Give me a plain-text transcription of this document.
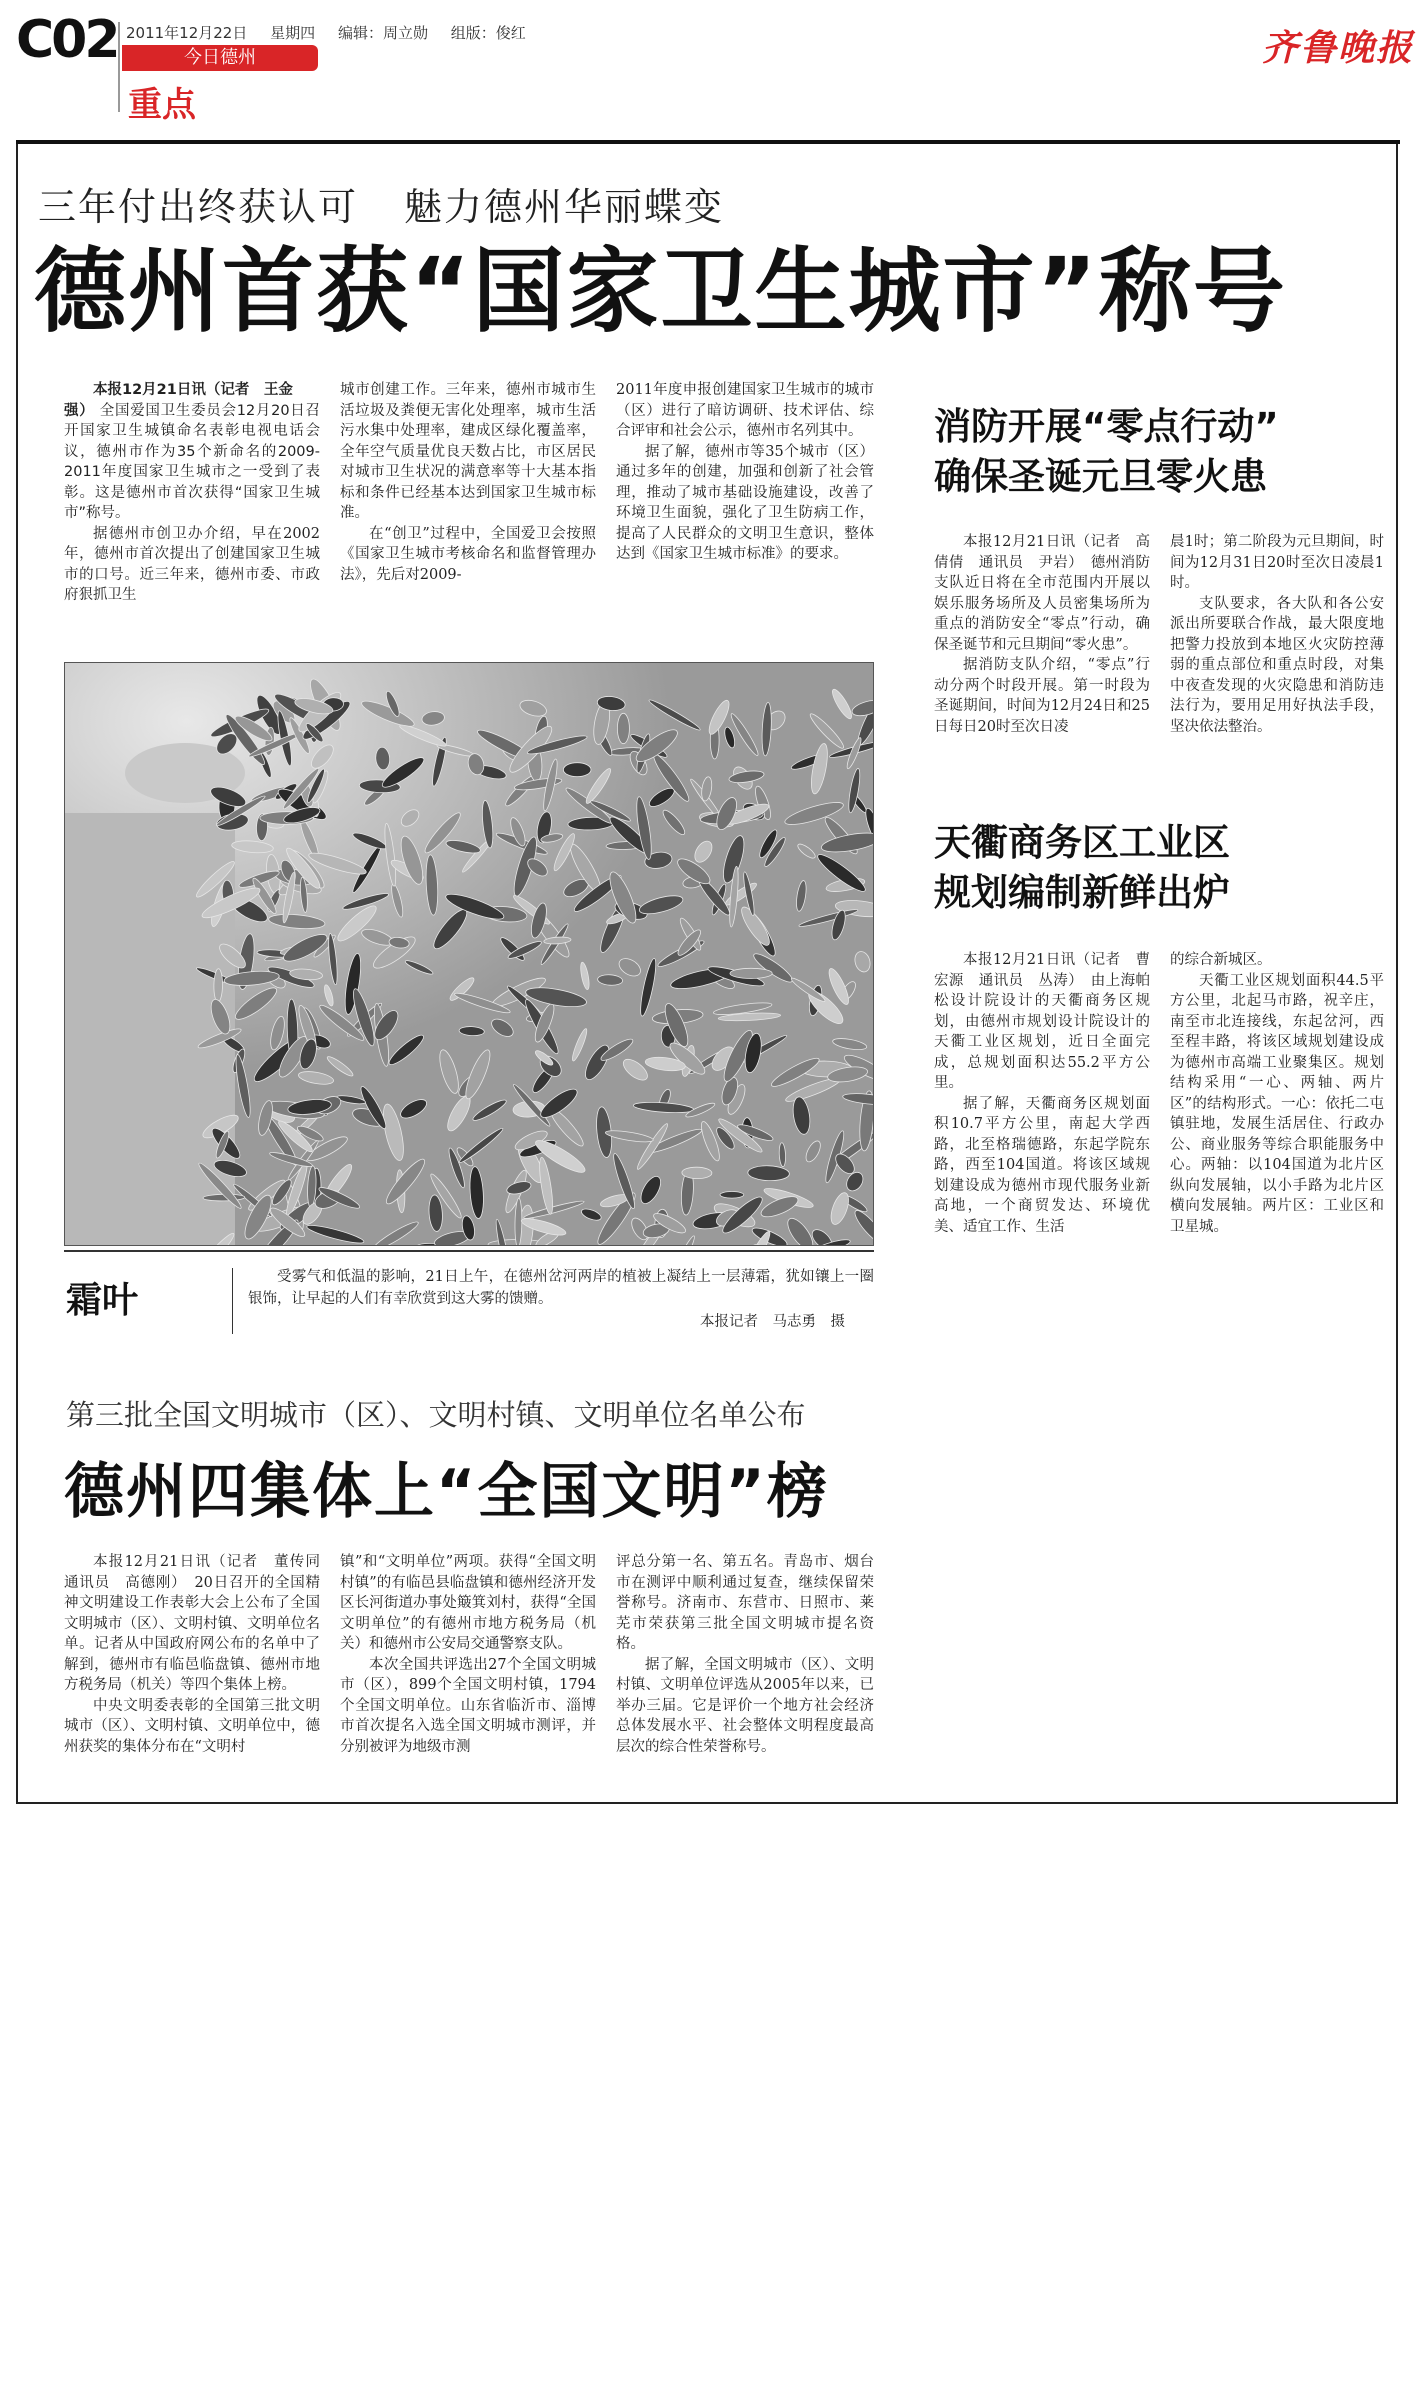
C02 2011年12月22日 星期四 编辑：周立勋 组版：俊红
今日德州
重点
齐鲁晚报
三年付出终获认可 魅力德州华丽蝶变
德州首获“国家卫生城市”称号

本报12月21日讯（记者　王金
强） 全国爱国卫生委员会12月20日召开国家卫生城镇命名表彰电视电话会议，德州市作为35个新命名的2009-2011年度国家卫生城市之一受到了表彰。这是德州市首次获得“国家卫生城市”称号。

据德州市创卫办介绍，早在2002年，德州市首次提出了创建国家卫生城市的口号。近三年来，德州市委、市政府狠抓卫生

城市创建工作。三年来，德州市城市生活垃圾及粪便无害化处理率，城市生活污水集中处理率，建成区绿化覆盖率，全年空气质量优良天数占比，市区居民对城市卫生状况的满意率等十大基本指标和条件已经基本达到国家卫生城市标准。

在“创卫”过程中，全国爱卫会按照《国家卫生城市考核命名和监督管理办法》，先后对2009-

2011年度申报创建国家卫生城市的城市（区）进行了暗访调研、技术评估、综合评审和社会公示，德州市名列其中。

据了解，德州市等35个城市（区）通过多年的创建，加强和创新了社会管理，推动了城市基础设施建设，改善了环境卫生面貌，强化了卫生防病工作，提高了人民群众的文明卫生意识，整体达到《国家卫生城市标准》的要求。

霜叶
受雾气和低温的影响，21日上午，在德州岔河两岸的植被上凝结上一层薄霜，犹如镶上一圈银饰，让早起的人们有幸欣赏到这大雾的馈赠。
本报记者　马志勇　摄
消防开展“零点行动”
确保圣诞元旦零火患

本报12月21日讯（记者　高倩倩　通讯员　尹岩）　德州消防支队近日将在全市范围内开展以娱乐服务场所及人员密集场所为重点的消防安全“零点”行动，确保圣诞节和元旦期间“零火患”。

据消防支队介绍，“零点”行动分两个时段开展。第一时段为圣诞期间，时间为12月24日和25日每日20时至次日凌

晨1时；第二阶段为元旦期间，时间为12月31日20时至次日凌晨1时。

支队要求，各大队和各公安派出所要联合作战，最大限度地把警力投放到本地区火灾防控薄弱的重点部位和重点时段，对集中夜查发现的火灾隐患和消防违法行为，要用足用好执法手段，坚决依法整治。

天衢商务区工业区
规划编制新鲜出炉

本报12月21日讯（记者　曹宏源　通讯员　丛涛）　由上海帕松设计院设计的天衢商务区规划，由德州市规划设计院设计的天衢工业区规划，近日全面完成，总规划面积达55.2平方公里。

据了解，天衢商务区规划面积10.7平方公里，南起大学西路，北至格瑞德路，东起学院东路，西至104国道。将该区域规划建设成为德州市现代服务业新高地，一个商贸发达、环境优美、适宜工作、生活

的综合新城区。

天衢工业区规划面积44.5平方公里，北起马市路，祝辛庄，南至市北连接线，东起岔河，西至程丰路，将该区域规划建设成为德州市高端工业聚集区。规划结构采用“一心、两轴、两片区”的结构形式。一心：依托二屯镇驻地，发展生活居住、行政办公、商业服务等综合职能服务中心。两轴：以104国道为北片区纵向发展轴，以小手路为北片区横向发展轴。两片区：工业区和卫星城。

第三批全国文明城市（区）、文明村镇、文明单位名单公布
德州四集体上“全国文明”榜

本报12月21日讯（记者　董传同　通讯员　高德刚）　20日召开的全国精神文明建设工作表彰大会上公布了全国文明城市（区）、文明村镇、文明单位名单。记者从中国政府网公布的名单中了解到，德州市有临邑临盘镇、德州市地方税务局（机关）等四个集体上榜。

中央文明委表彰的全国第三批文明城市（区）、文明村镇、文明单位中，德州获奖的集体分布在“文明村

镇”和“文明单位”两项。获得“全国文明村镇”的有临邑县临盘镇和德州经济开发区长河街道办事处簸箕刘村，获得“全国文明单位”的有德州市地方税务局（机关）和德州市公安局交通警察支队。

本次全国共评选出27个全国文明城市（区），899个全国文明村镇，1794个全国文明单位。山东省临沂市、淄博市首次提名入选全国文明城市测评，并分别被评为地级市测

评总分第一名、第五名。青岛市、烟台市在测评中顺利通过复查，继续保留荣誉称号。济南市、东营市、日照市、莱芜市荣获第三批全国文明城市提名资格。

据了解，全国文明城市（区）、文明村镇、文明单位评选从2005年以来，已举办三届。它是评价一个地方社会经济总体发展水平、社会整体文明程度最高层次的综合性荣誉称号。
